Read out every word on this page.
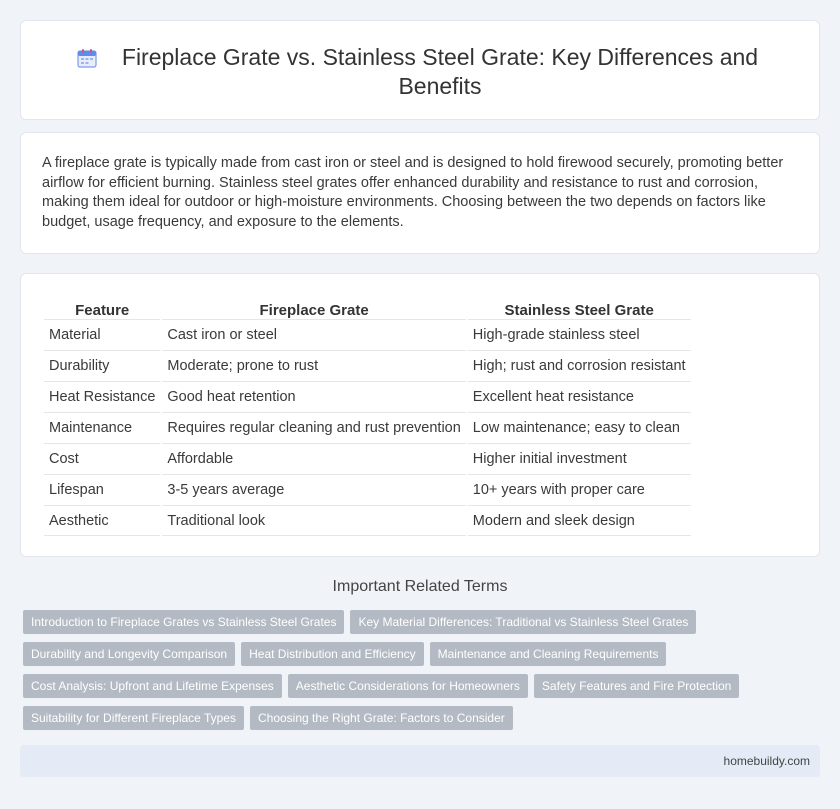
Fireplace Grate vs. Stainless Steel Grate: Key Differences and Benefits

A fireplace grate is typically made from cast iron or steel and is designed to hold firewood securely, promoting better airflow for efficient burning. Stainless steel grates offer enhanced durability and resistance to rust and corrosion, making them ideal for outdoor or high-moisture environments. Choosing between the two depends on factors like budget, usage frequency, and exposure to the elements.

Feature	Fireplace Grate	Stainless Steel Grate
Material	Cast iron or steel	High-grade stainless steel
Durability	Moderate; prone to rust	High; rust and corrosion resistant
Heat Resistance	Good heat retention	Excellent heat resistance
Maintenance	Requires regular cleaning and rust prevention	Low maintenance; easy to clean
Cost	Affordable	Higher initial investment
Lifespan	3-5 years average	10+ years with proper care
Aesthetic	Traditional look	Modern and sleek design
Important Related Terms
Introduction to Fireplace Grates vs Stainless Steel Grates	Key Material Differences: Traditional vs Stainless Steel Grates
Durability and Longevity Comparison	Heat Distribution and Efficiency	Maintenance and Cleaning Requirements
Cost Analysis: Upfront and Lifetime Expenses	Aesthetic Considerations for Homeowners	Safety Features and Fire Protection
Suitability for Different Fireplace Types	Choosing the Right Grate: Factors to Consider
homebuildy.com
